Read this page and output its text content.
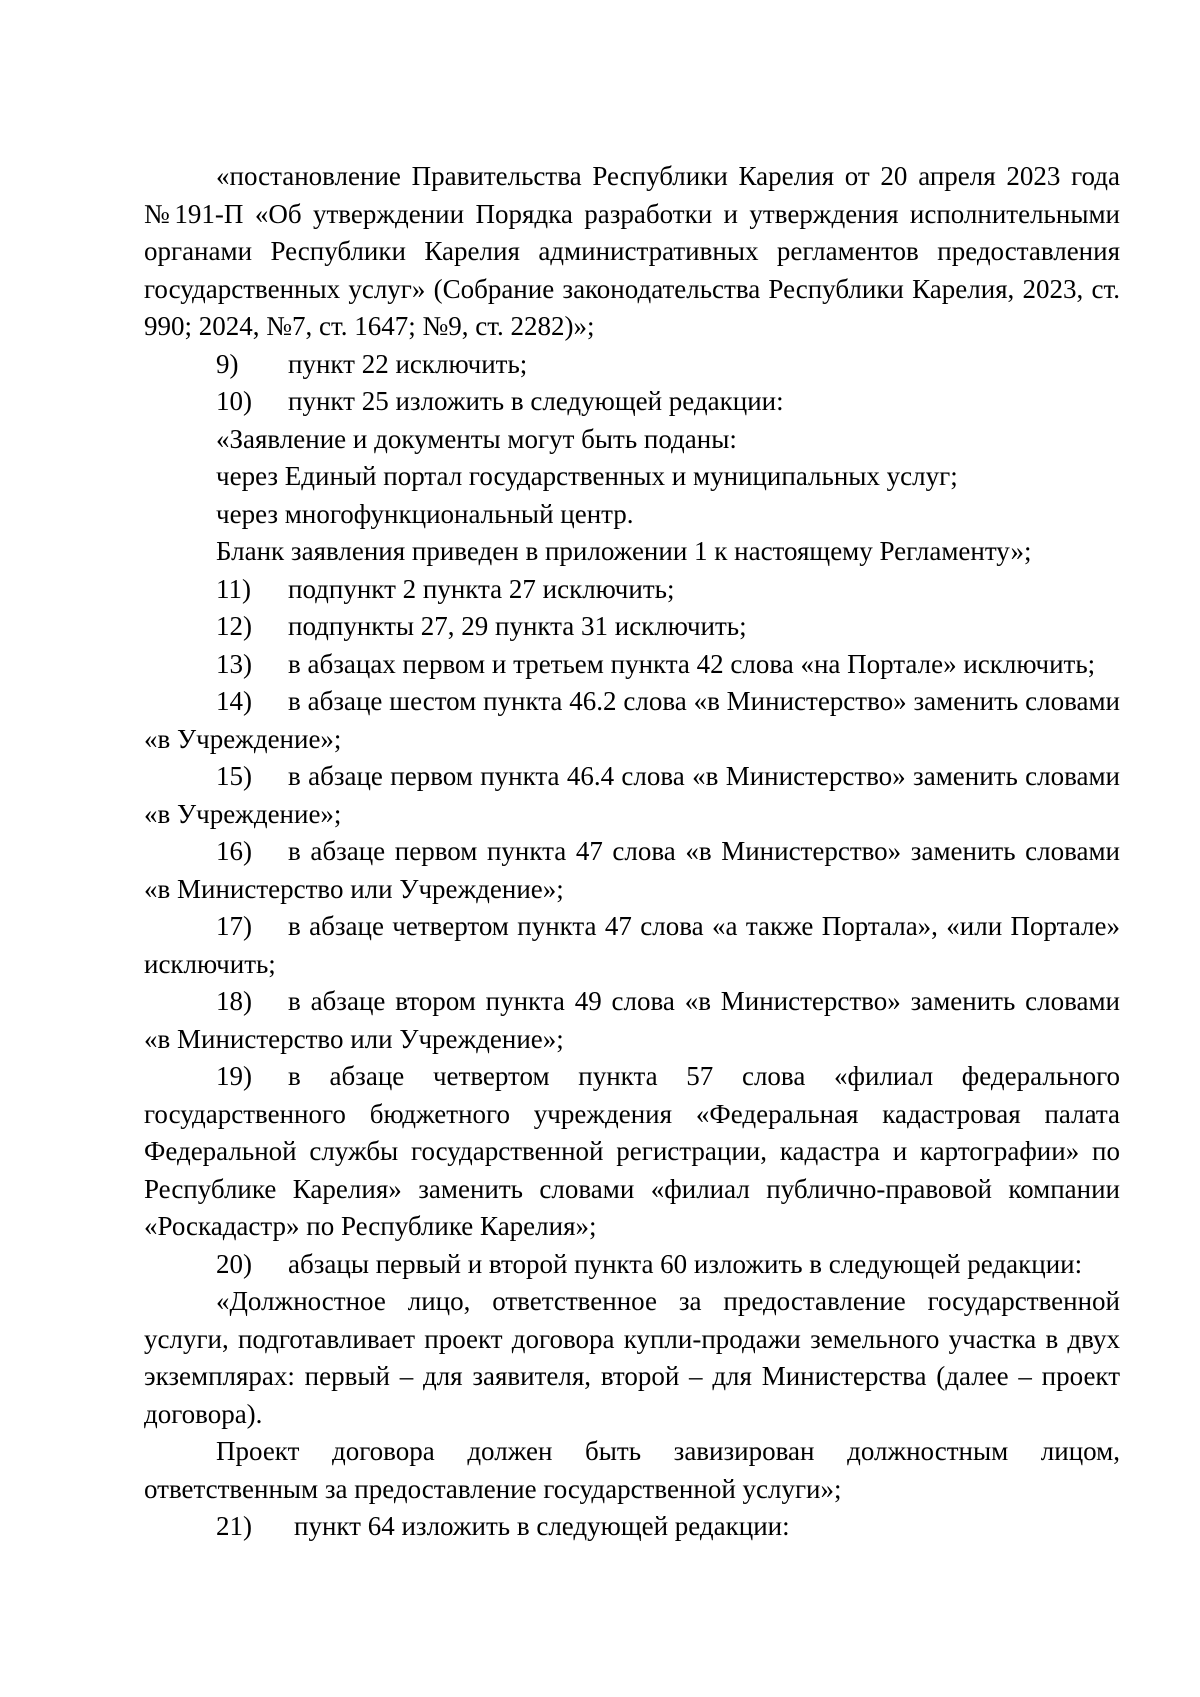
«постановление Правительства Республики Карелия от 20 апреля 2023 года №191-П «Об утверждении Порядка разработки и утверждения исполнительными органами Республики Карелия административных регламентов предоставления государственных услуг» (Собрание законодательства Республики Карелия, 2023, ст. 990; 2024, №7, ст. 1647; №9, ст. 2282)»;

9) пункт 22 исключить;

10) пункт 25 изложить в следующей редакции:

«Заявление и документы могут быть поданы:

через Единый портал государственных и муниципальных услуг;

через многофункциональный центр.

Бланк заявления приведен в приложении 1 к настоящему Регламенту»;

11) подпункт 2 пункта 27 исключить;

12) подпункты 27, 29 пункта 31 исключить;

13) в абзацах первом и третьем пункта 42 слова «на Портале» исключить;

14) в абзаце шестом пункта 46.2 слова «в Министерство» заменить словами «в Учреждение»;

15) в абзаце первом пункта 46.4 слова «в Министерство» заменить словами «в Учреждение»;

16) в абзаце первом пункта 47 слова «в Министерство» заменить словами «в Министерство или Учреждение»;

17) в абзаце четвертом пункта 47 слова «а также Портала», «или Портале» исключить;

18) в абзаце втором пункта 49 слова «в Министерство» заменить словами «в Министерство или Учреждение»;

19) в абзаце четвертом пункта 57 слова «филиал федерального государственного бюджетного учреждения «Федеральная кадастровая палата Федеральной службы государственной регистрации, кадастра и картографии» по Республике Карелия» заменить словами «филиал публично-правовой компании «Роскадастр» по Республике Карелия»;

20) абзацы первый и второй пункта 60 изложить в следующей редакции:

«Должностное лицо, ответственное за предоставление государственной услуги, подготавливает проект договора купли-продажи земельного участка в двух экземплярах: первый – для заявителя, второй – для Министерства (далее – проект договора).

Проект договора должен быть завизирован должностным лицом, ответственным за предоставление государственной услуги»;

21) пункт 64 изложить в следующей редакции:
